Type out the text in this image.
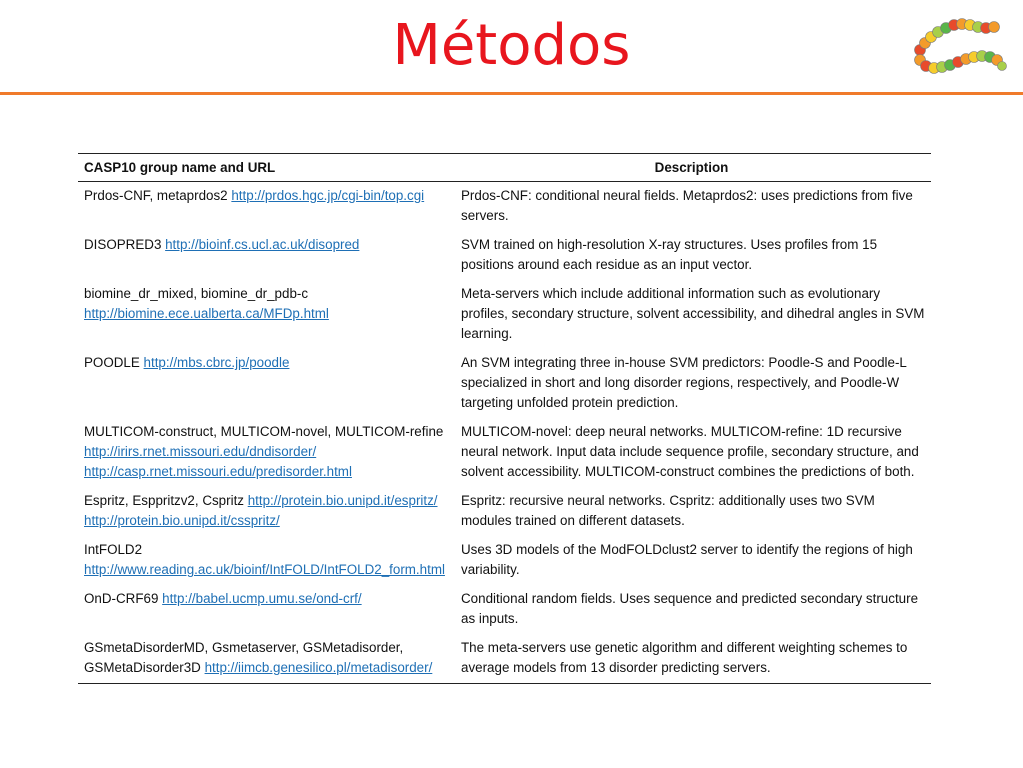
Métodos
CASP10 group name and URL	Description
Prdos-CNF, metaprdos2 http://prdos.hgc.jp/cgi-bin/top.cgi	Prdos-CNF: conditional neural fields. Metaprdos2: uses predictions from five servers.
DISOPRED3 http://bioinf.cs.ucl.ac.uk/disopred	SVM trained on high-resolution X-ray structures. Uses profiles from 15 positions around each residue as an input vector.
biomine_dr_mixed, biomine_dr_pdb-c
http://biomine.ece.ualberta.ca/MFDp.html	Meta-servers which include additional information such as evolutionary profiles, secondary structure, solvent accessibility, and dihedral angles in SVM learning.
POODLE http://mbs.cbrc.jp/poodle	An SVM integrating three in-house SVM predictors: Poodle-S and Poodle-L specialized in short and long disorder regions, respectively, and Poodle-W targeting unfolded protein prediction.
MULTICOM-construct, MULTICOM-novel, MULTICOM-refine http://irirs.rnet.missouri.edu/dndisorder/
http://casp.rnet.missouri.edu/predisorder.html	MULTICOM-novel: deep neural networks. MULTICOM-refine: 1D recursive neural network. Input data include sequence profile, secondary structure, and solvent accessibility. MULTICOM-construct combines the predictions of both.
Espritz, Esppritzv2, Cspritz http://protein.bio.unipd.it/espritz/
http://protein.bio.unipd.it/csspritz/	Espritz: recursive neural networks. Cspritz: additionally uses two SVM modules trained on different datasets.
IntFOLD2
http://www.reading.ac.uk/bioinf/IntFOLD/IntFOLD2_form.html	Uses 3D models of the ModFOLDclust2 server to identify the regions of high variability.
OnD-CRF69 http://babel.ucmp.umu.se/ond-crf/	Conditional random fields. Uses sequence and predicted secondary structure as inputs.
GSmetaDisorderMD, Gsmetaserver, GSMetadisorder, GSMetaDisorder3D http://iimcb.genesilico.pl/metadisorder/	The meta-servers use genetic algorithm and different weighting schemes to average models from 13 disorder predicting servers.
